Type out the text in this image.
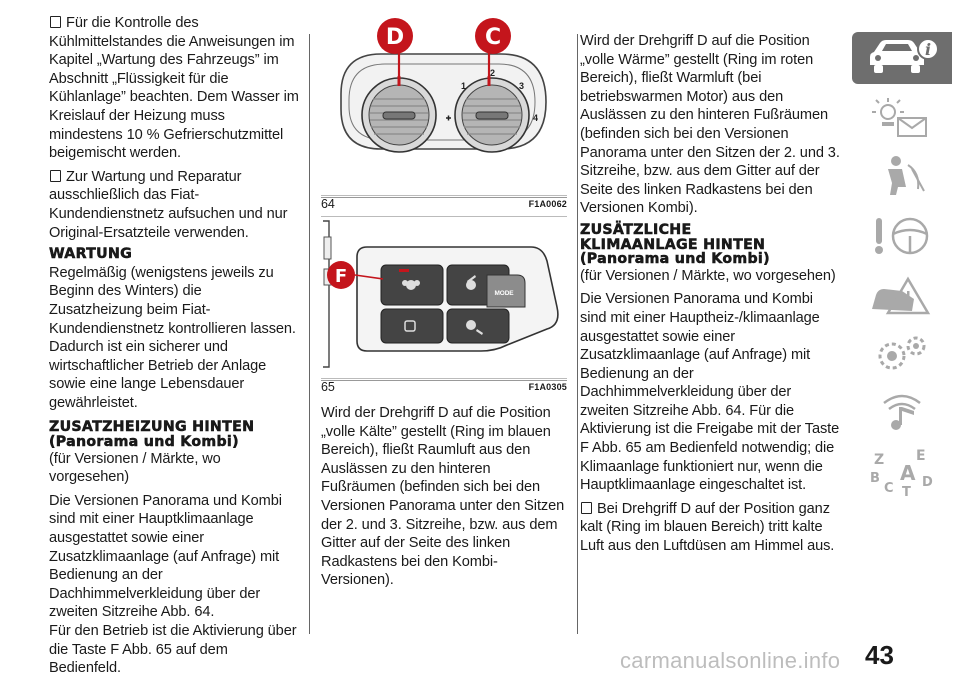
Für die Kontrolle des Kühlmittelstandes die Anweisungen im Kapitel „Wartung des Fahrzeugs” im Abschnitt „Flüssigkeit für die Kühlanlage” beachten. Dem Wasser im Kreislauf der Heizung muss mindestens 10 % Gefrierschutzmittel beigemischt werden.

Zur Wartung und Reparatur ausschließlich das Fiat-Kundendienstnetz aufsuchen und nur Original-Ersatzteile verwenden.

WARTUNG

Regelmäßig (wenigstens jeweils zu Beginn des Winters) die Zusatzheizung beim Fiat-Kundendienstnetz kontrollieren lassen. Dadurch ist ein sicherer und wirtschaftlicher Betrieb der Anlage sowie eine lange Lebensdauer gewährleistet.

ZUSATZHEIZUNG HINTEN
(Panorama und Kombi)

(für Versionen / Märkte, wo vorgesehen)

Die Versionen Panorama und Kombi sind mit einer Hauptklimaanlage ausgestattet sowie einer Zusatzklimaanlage (auf Anfrage) mit Bedienung an der Dachhimmelverkleidung über der zweiten Sitzreihe Abb. 64.

Für den Betrieb ist die Aktivierung über die Taste F Abb. 65 auf dem Bedienfeld.

1
2
3
4
D	C
64	F1A0062
MODE
F
65	F1A0305

Wird der Drehgriff D auf die Position „volle Kälte” gestellt (Ring im blauen Bereich), fließt Raumluft aus den Auslässen zu den hinteren Fußräumen (befinden sich bei den Versionen Panorama unter den Sitzen der 2. und 3. Sitzreihe, bzw. aus dem Gitter auf der Seite des linken Radkastens bei den Kombi-Versionen).

Wird der Drehgriff D auf die Position „volle Wärme” gestellt (Ring im roten Bereich), fließt Warmluft (bei betriebswarmen Motor) aus den Auslässen zu den hinteren Fußräumen (befinden sich bei den Versionen Panorama unter den Sitzen der 2. und 3. Sitzreihe, bzw. aus dem Gitter auf der Seite des linken Radkastens bei den Versionen Kombi).

ZUSÄTZLICHE
KLIMAANLAGE HINTEN
(Panorama und Kombi)

(für Versionen / Märkte, wo vorgesehen)

Die Versionen Panorama und Kombi sind mit einer Hauptheiz-/klimaanlage ausgestattet sowie einer Zusatzklimaanlage (auf Anfrage) mit Bedienung an der Dachhimmelverkleidung über der zweiten Sitzreihe Abb. 64. Für die Aktivierung ist die Freigabe mit der Taste F Abb. 65 am Bedienfeld notwendig; die Klimaanlage funktioniert nur, wenn die Hauptklimaanlage eingeschaltet ist.

Bei Drehgriff D auf der Position ganz kalt (Ring im blauen Bereich) tritt kalte Luft aus den Luftdüsen am Himmel aus.

i
Z E
B A
C T
D
carmanualsonline.info 43
